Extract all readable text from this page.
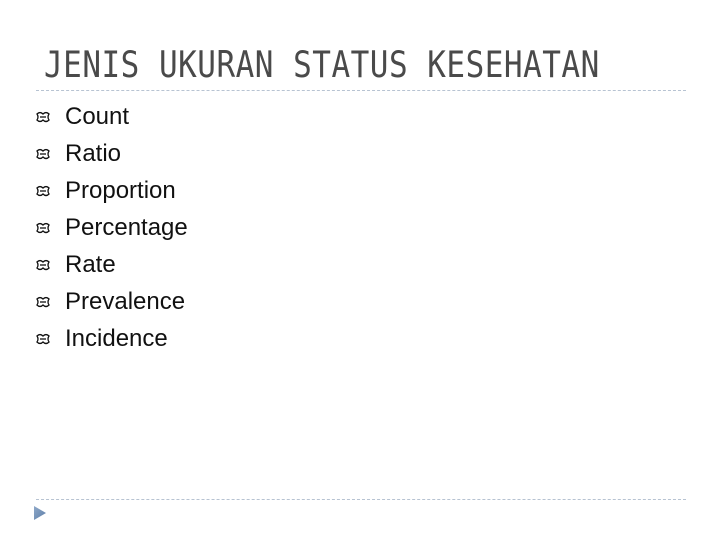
JENIS UKURAN STATUS KESEHATAN
Count
Ratio
Proportion
Percentage
Rate
Prevalence
Incidence
